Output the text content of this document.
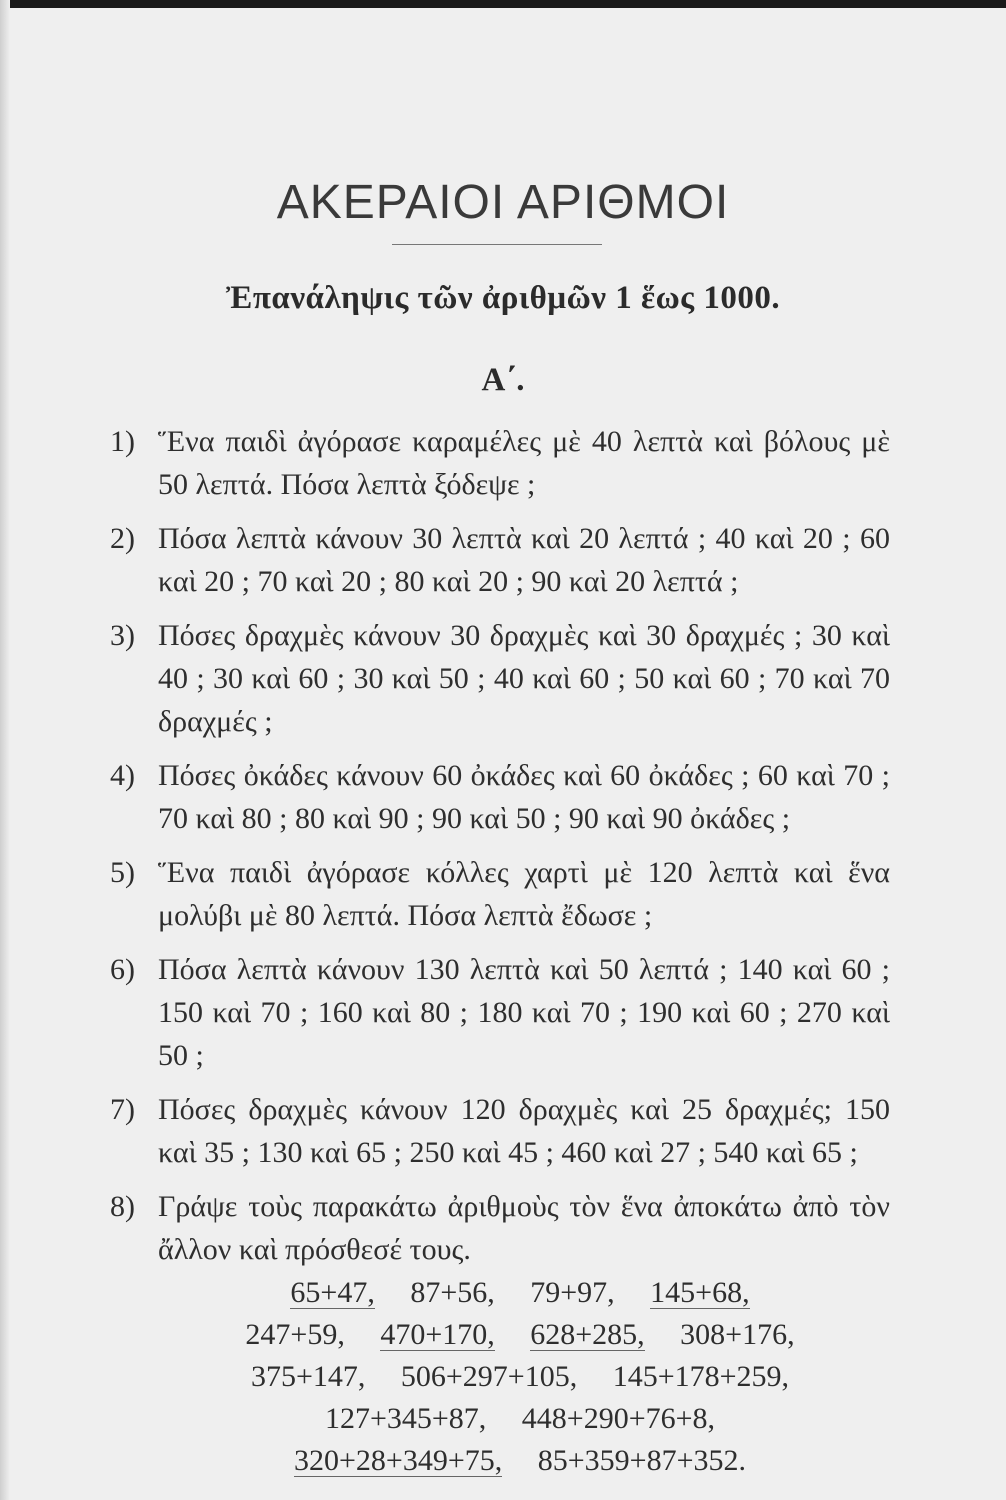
ΑΚΕΡΑΙΟΙ ΑΡΙΘΜΟΙ
Ἐπανάληψις τῶν ἀριθμῶν 1 ἕως 1000.
Α΄.
1) Ἕνα παιδὶ ἀγόρασε καραμέλες μὲ 40 λεπτὰ καὶ βόλους μὲ 50 λεπτά. Πόσα λεπτὰ ξόδεψε ;
2) Πόσα λεπτὰ κάνουν 30 λεπτὰ καὶ 20 λεπτά ; 40 καὶ 20 ; 60 καὶ 20 ; 70 καὶ 20 ; 80 καὶ 20 ; 90 καὶ 20 λεπτά ;
3) Πόσες δραχμὲς κάνουν 30 δραχμὲς καὶ 30 δραχμές ; 30 καὶ 40 ; 30 καὶ 60 ; 30 καὶ 50 ; 40 καὶ 60 ; 50 καὶ 60 ; 70 καὶ 70 δραχμές ;
4) Πόσες ὀκάδες κάνουν 60 ὀκάδες καὶ 60 ὀκάδες ; 60 καὶ 70 ; 70 καὶ 80 ; 80 καὶ 90 ; 90 καὶ 50 ; 90 καὶ 90 ὀκάδες ;
5) Ἕνα παιδὶ ἀγόρασε κόλλες χαρτὶ μὲ 120 λεπτὰ καὶ ἕνα μολύβι μὲ 80 λεπτά. Πόσα λεπτὰ ἔδωσε ;
6) Πόσα λεπτὰ κάνουν 130 λεπτὰ καὶ 50 λεπτά ; 140 καὶ 60 ; 150 καὶ 70 ; 160 καὶ 80 ; 180 καὶ 70 ; 190 καὶ 60 ; 270 καὶ 50 ;
7) Πόσες δραχμὲς κάνουν 120 δραχμὲς καὶ 25 δραχμές; 150 καὶ 35 ; 130 καὶ 65 ; 250 καὶ 45 ; 460 καὶ 27 ; 540 καὶ 65 ;
8) Γράψε τοὺς παρακάτω ἀριθμοὺς τὸν ἕνα ἀποκάτω ἀπὸ τὸν ἄλλον καὶ πρόσθεσέ τους.
65+47, 87+56, 79+97, 145+68,
247+59, 470+170, 628+285, 308+176,
375+147, 506+297+105, 145+178+259,
127+345+87, 448+290+76+8,
320+28+349+75, 85+359+87+352.
